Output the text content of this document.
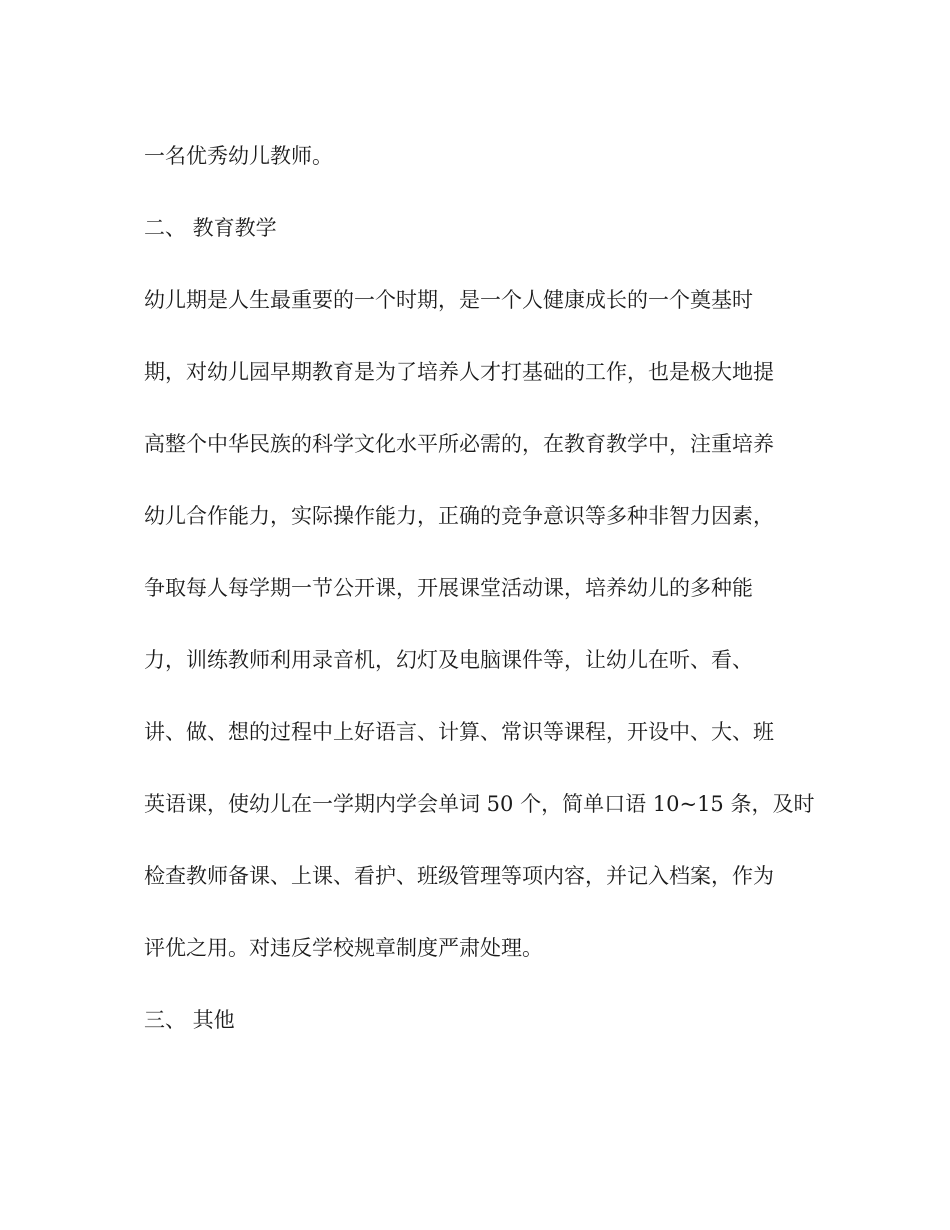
一名优秀幼儿教师。

二、 教育教学

幼儿期是人生最重要的一个时期，是一个人健康成长的一个奠基时

期，对幼儿园早期教育是为了培养人才打基础的工作，也是极大地提

高整个中华民族的科学文化水平所必需的，在教育教学中，注重培养

幼儿合作能力，实际操作能力，正确的竞争意识等多种非智力因素，

争取每人每学期一节公开课，开展课堂活动课，培养幼儿的多种能

力，训练教师利用录音机，幻灯及电脑课件等，让幼儿在听、看、

讲、做、想的过程中上好语言、计算、常识等课程，开设中、大、班

英语课，使幼儿在一学期内学会单词 50 个，简单口语 10~15 条，及时

检查教师备课、上课、看护、班级管理等项内容，并记入档案，作为

评优之用。对违反学校规章制度严肃处理。

三、 其他
